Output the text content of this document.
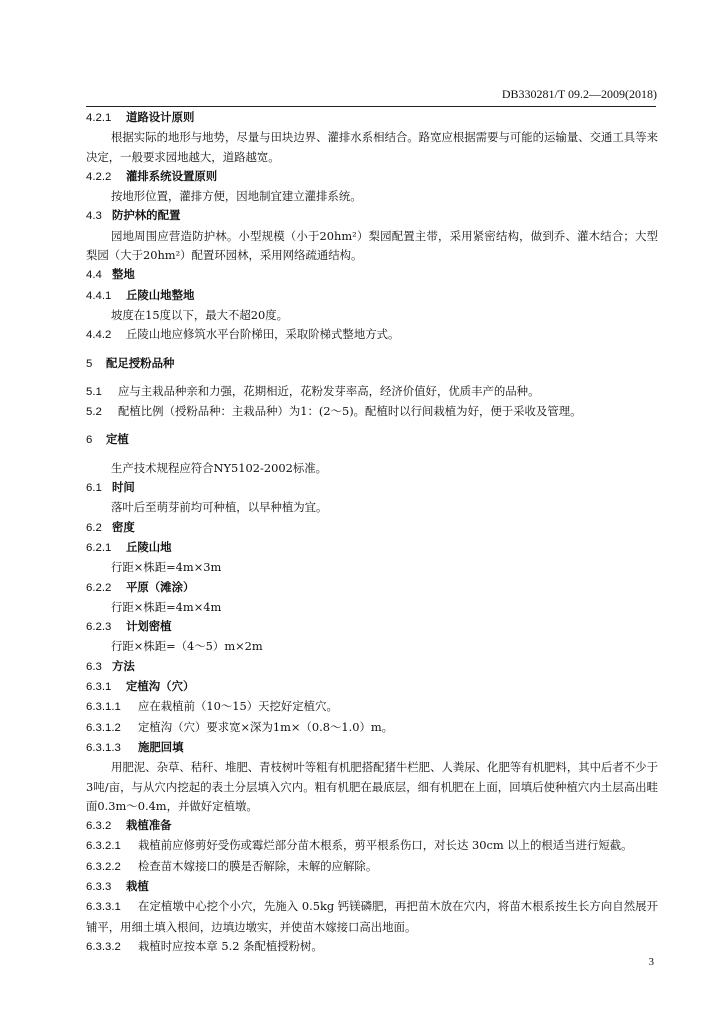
DB330281/T 09.2—2009(2018)
4.2.1 道路设计原则
根据实际的地形与地势，尽量与田块边界、灌排水系相结合。路宽应根据需要与可能的运输量、交通工具等来决定，一般要求园地越大，道路越宽。
4.2.2 灌排系统设置原则
按地形位置，灌排方便，因地制宜建立灌排系统。
4.3 防护林的配置
园地周围应营造防护林。小型规模（小于20hm²）梨园配置主带，采用紧密结构，做到乔、灌木结合；大型梨园（大于20hm²）配置环园林，采用网络疏通结构。
4.4 整地
4.4.1 丘陵山地整地
坡度在15度以下，最大不超20度。
4.4.2 丘陵山地应修筑水平台阶梯田，采取阶梯式整地方式。
5 配足授粉品种
5.1 应与主栽品种亲和力强，花期相近，花粉发芽率高，经济价值好，优质丰产的品种。
5.2 配植比例（授粉品种：主栽品种）为1：(2～5)。配植时以行间栽植为好，便于采收及管理。
6 定植
生产技术规程应符合NY5102-2002标准。
6.1 时间
落叶后至萌芽前均可种植，以早种植为宜。
6.2 密度
6.2.1 丘陵山地
行距×株距=4m×3m
6.2.2 平原（滩涂）
行距×株距=4m×4m
6.2.3 计划密植
行距×株距=（4～5）m×2m
6.3 方法
6.3.1 定植沟（穴）
6.3.1.1 应在栽植前（10～15）天挖好定植穴。
6.3.1.2 定植沟（穴）要求宽×深为1m×（0.8～1.0）m。
6.3.1.3 施肥回填
用肥泥、杂草、秸秆、堆肥、青枝树叶等粗有机肥搭配猪牛栏肥、人粪尿、化肥等有机肥料，其中后者不少于3吨/亩，与从穴内挖起的表土分层填入穴内。粗有机肥在最底层，细有机肥在上面，回填后使种植穴内土层高出畦面0.3m～0.4m，并做好定植墩。
6.3.2 栽植准备
6.3.2.1 栽植前应修剪好受伤或霉烂部分苗木根系，剪平根系伤口，对长达 30cm 以上的根适当进行短截。
6.3.2.2 检查苗木嫁接口的膜是否解除，未解的应解除。
6.3.3 栽植
6.3.3.1 在定植墩中心挖个小穴，先施入 0.5kg 钙镁磷肥，再把苗木放在穴内，将苗木根系按生长方向自然展开铺平，用细土填入根间，边填边墩实，并使苗木嫁接口高出地面。
6.3.3.2 栽植时应按本章 5.2 条配植授粉树。
3
